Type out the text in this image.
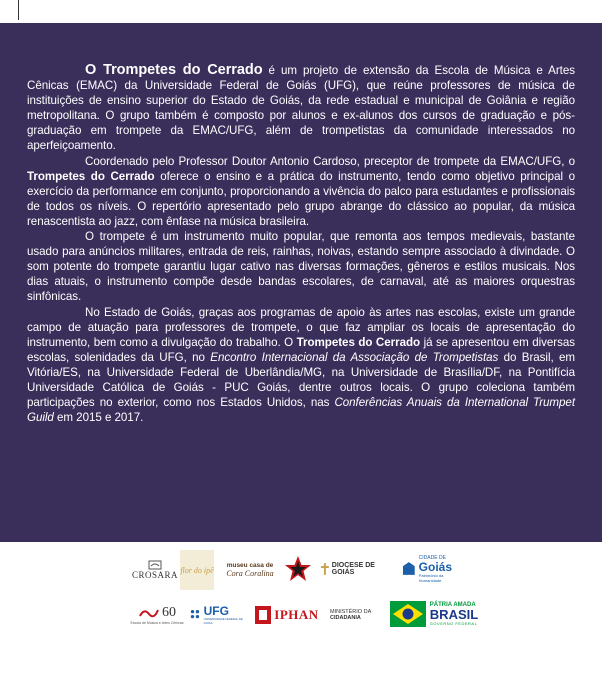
O Trompetes do Cerrado é um projeto de extensão da Escola de Música e Artes Cênicas (EMAC) da Universidade Federal de Goiás (UFG), que reúne professores de música de instituições de ensino superior do Estado de Goiás, da rede estadual e municipal de Goiânia e região metropolitana. O grupo também é composto por alunos e ex-alunos dos cursos de graduação e pós-graduação em trompete da EMAC/UFG, além de trompetistas da comunidade interessados no aperfeiçoamento.

Coordenado pelo Professor Doutor Antonio Cardoso, preceptor de trompete da EMAC/UFG, o Trompetes do Cerrado oferece o ensino e a prática do instrumento, tendo como objetivo principal o exercício da performance em conjunto, proporcionando a vivência do palco para estudantes e profissionais de todos os níveis. O repertório apresentado pelo grupo abrange do clássico ao popular, da música renascentista ao jazz, com ênfase na música brasileira.

O trompete é um instrumento muito popular, que remonta aos tempos medievais, bastante usado para anúncios militares, entrada de reis, rainhas, noivas, estando sempre associado à divindade. O som potente do trompete garantiu lugar cativo nas diversas formações, gêneros e estilos musicais. Nos dias atuais, o instrumento compõe desde bandas escolares, de carnaval, até as maiores orquestras sinfônicas.

No Estado de Goiás, graças aos programas de apoio às artes nas escolas, existe um grande campo de atuação para professores de trompete, o que faz ampliar os locais de apresentação do instrumento, bem como a divulgação do trabalho. O Trompetes do Cerrado já se apresentou em diversas escolas, solenidades da UFG, no Encontro Internacional da Associação de Trompetistas do Brasil, em Vitória/ES, na Universidade Federal de Uberlândia/MG, na Universidade de Brasília/DF, na Pontifícia Universidade Católica de Goiás - PUC Goiás, dentre outros locais. O grupo coleciona também participações no exterior, como nos Estados Unidos, nas Conferências Anuais da International Trumpet Guild em 2015 e 2017.

CROSARA flor do ipê museu casa de
Cora Coralina
DIOCESE DE GOIÁS
CIDADE DE
Goiás
Patrimônio da Humanidade
60
Escola de Música e Artes Cênicas
UFG
UNIVERSIDADE FEDERAL DE GOIÁS
IPHAN MINISTÉRIO DA
CIDADANIA
PÁTRIA AMADA
BRASIL
GOVERNO FEDERAL
